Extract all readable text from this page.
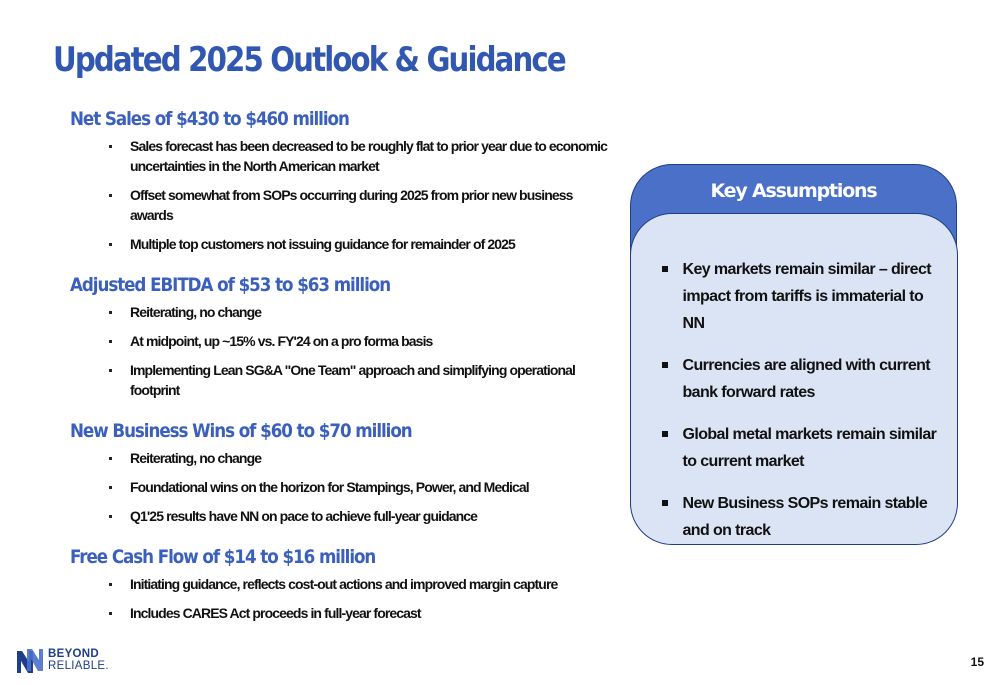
Updated 2025 Outlook & Guidance
Net Sales of $430 to $460 million
Sales forecast has been decreased to be roughly flat to prior year due to economic uncertainties in the North American market
Offset somewhat from SOPs occurring during 2025 from prior new business awards
Multiple top customers not issuing guidance for remainder of 2025
Adjusted EBITDA of $53 to $63 million
Reiterating, no change
At midpoint, up ~15% vs. FY'24 on a pro forma basis
Implementing Lean SG&A "One Team" approach and simplifying operational footprint
New Business Wins of $60 to $70 million
Reiterating, no change
Foundational wins on the horizon for Stampings, Power, and Medical
Q1'25 results have NN on pace to achieve full-year guidance
Free Cash Flow of $14 to $16 million
Initiating guidance, reflects cost-out actions and improved margin capture
Includes CARES Act proceeds in full-year forecast
Key Assumptions
Key markets remain similar – direct impact from tariffs is immaterial to NN
Currencies are aligned with current bank forward rates
Global metal markets remain similar to current market
New Business SOPs remain stable and on track
BEYOND
RELIABLE.	15
